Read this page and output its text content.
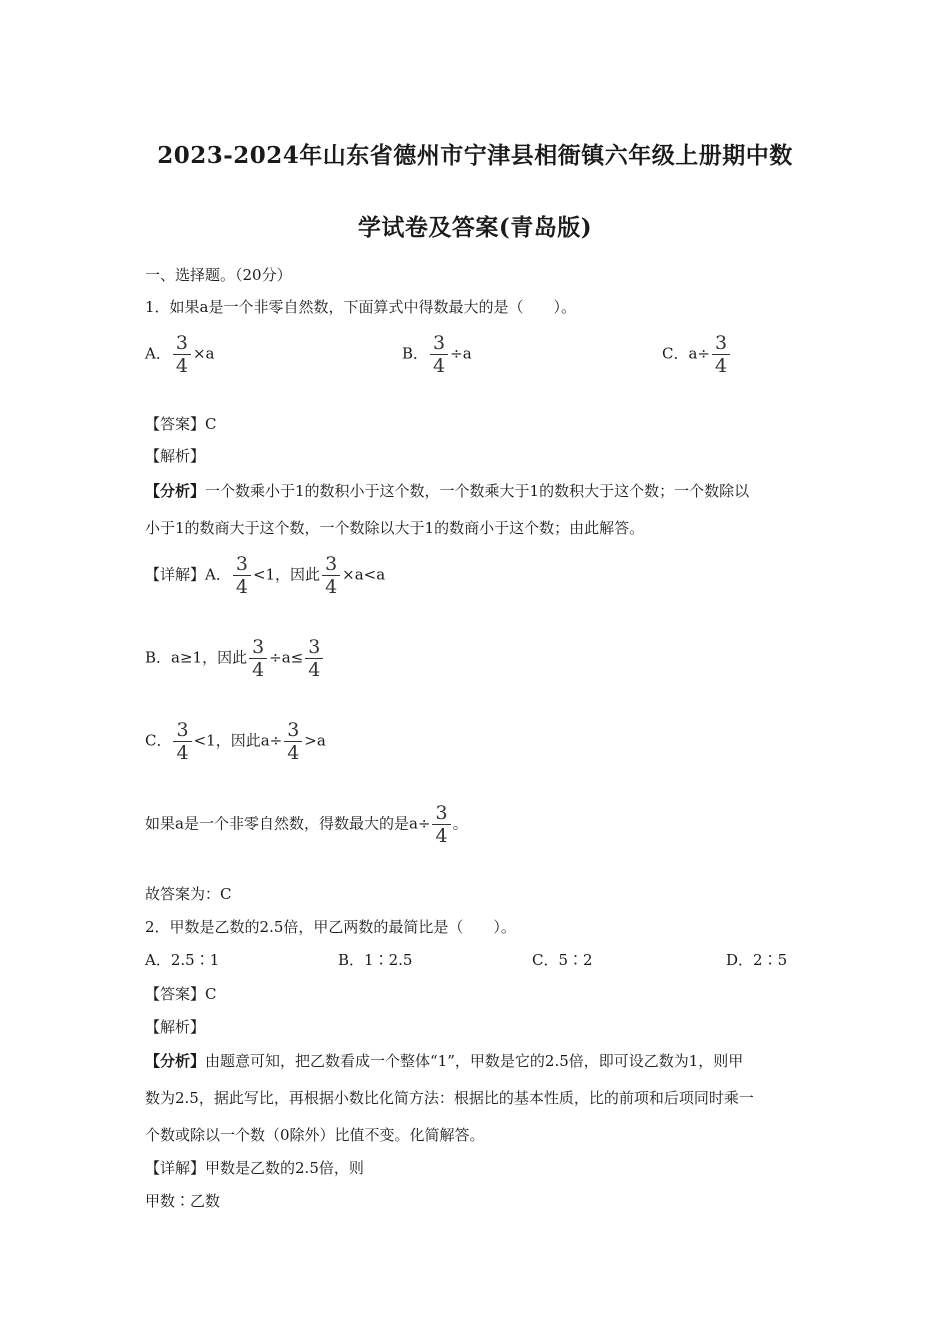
2023-2024年山东省德州市宁津县相衙镇六年级上册期中数
学试卷及答案(青岛版)
一、选择题。（20分）
1．如果a是一个非零自然数，下面算式中得数最大的是（　　）。
A． $\frac{3}{4} \times a$	B． $\frac{3}{4} \div a$	C．$a\div \frac{3}{4}$
【答案】C
【解析】
【分析】一个数乘小于1的数积小于这个数，一个数乘大于1的数积大于这个数；一个数除以
小于1的数商大于这个数，一个数除以大于1的数商小于这个数；由此解答。
【详解】A． $\frac{3}{4} <1$，因此 $\frac{3}{4} \times a<a$
B．a≥1，因此 $\frac{3}{4} \div a\le \frac{3}{4}$
C． $\frac{3}{4} <1$，因此$a\div \frac{3}{4} >a$
如果a是一个非零自然数，得数最大的是$a\div \frac{3}{4}$ 。
故答案为：C
2．甲数是乙数的2.5倍，甲乙两数的最简比是（　　）。
A．2.5∶1	B．1∶2.5	C．5∶2	D．2∶5
【答案】C
【解析】
【分析】由题意可知，把乙数看成一个整体“1”，甲数是它的2.5倍，即可设乙数为1，则甲
数为2.5，据此写比，再根据小数比化简方法：根据比的基本性质，比的前项和后项同时乘一
个数或除以一个数（0除外）比值不变。化简解答。
【详解】甲数是乙数的2.5倍，则
甲数∶乙数
